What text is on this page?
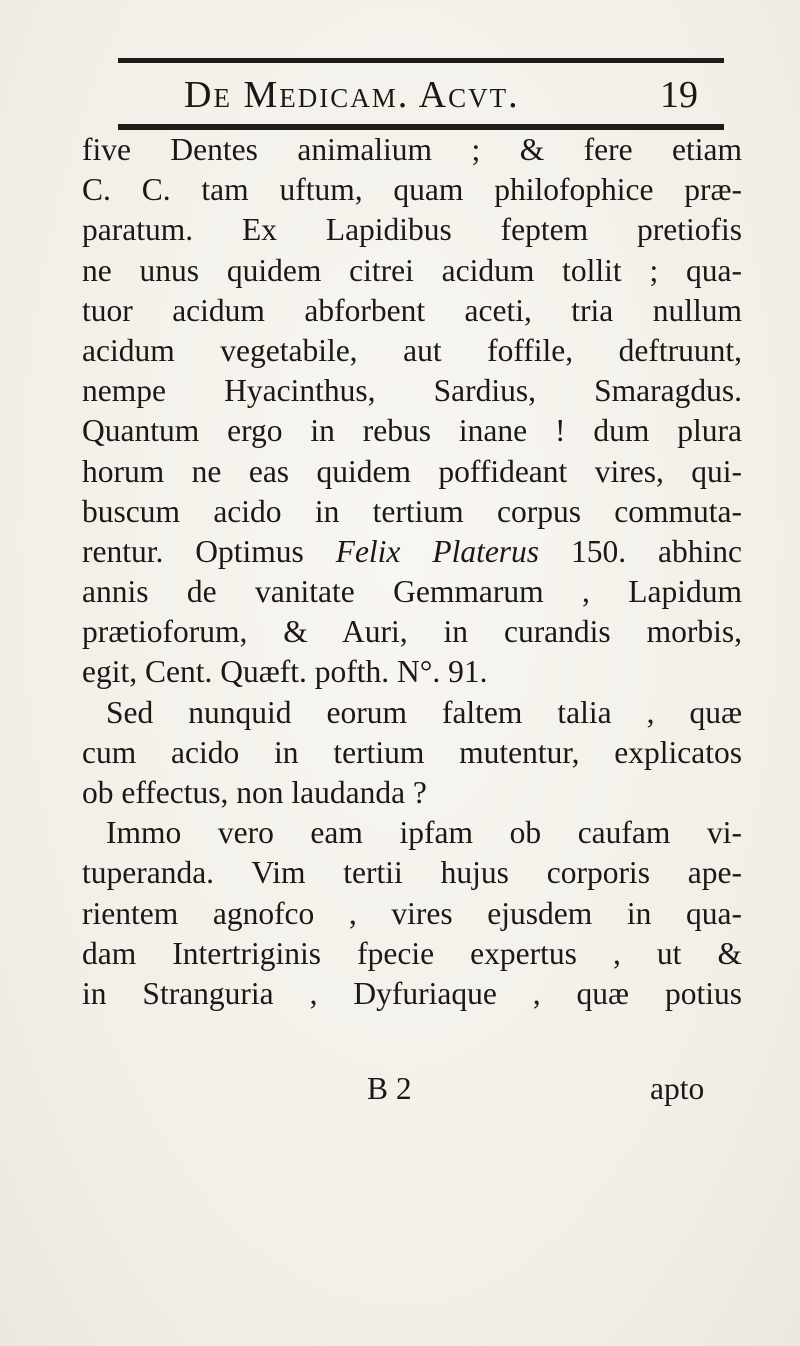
De Medicam. Acvt.	19
five Dentes animalium ; & fere etiam
C. C. tam uftum, quam philofophice præ-
paratum. Ex Lapidibus feptem pretiofis
ne unus quidem citrei acidum tollit ; qua-
tuor acidum abforbent aceti, tria nullum
acidum vegetabile, aut foffile, deftruunt,
nempe Hyacinthus, Sardius, Smaragdus.
Quantum ergo in rebus inane ! dum plura
horum ne eas quidem poffideant vires, qui-
buscum acido in tertium corpus commuta-
rentur. Optimus Felix Platerus 150. abhinc
annis de vanitate Gemmarum , Lapidum
prætioforum, & Auri, in curandis morbis,
egit, Cent. Quæft. pofth. N°. 91.
Sed nunquid eorum faltem talia , quæ
cum acido in tertium mutentur, explicatos
ob effectus, non laudanda ?
Immo vero eam ipfam ob caufam vi-
tuperanda. Vim tertii hujus corporis ape-
rientem agnofco , vires ejusdem in qua-
dam Intertriginis fpecie expertus , ut &
in Stranguria , Dyfuriaque , quæ potius
B 2	apto
